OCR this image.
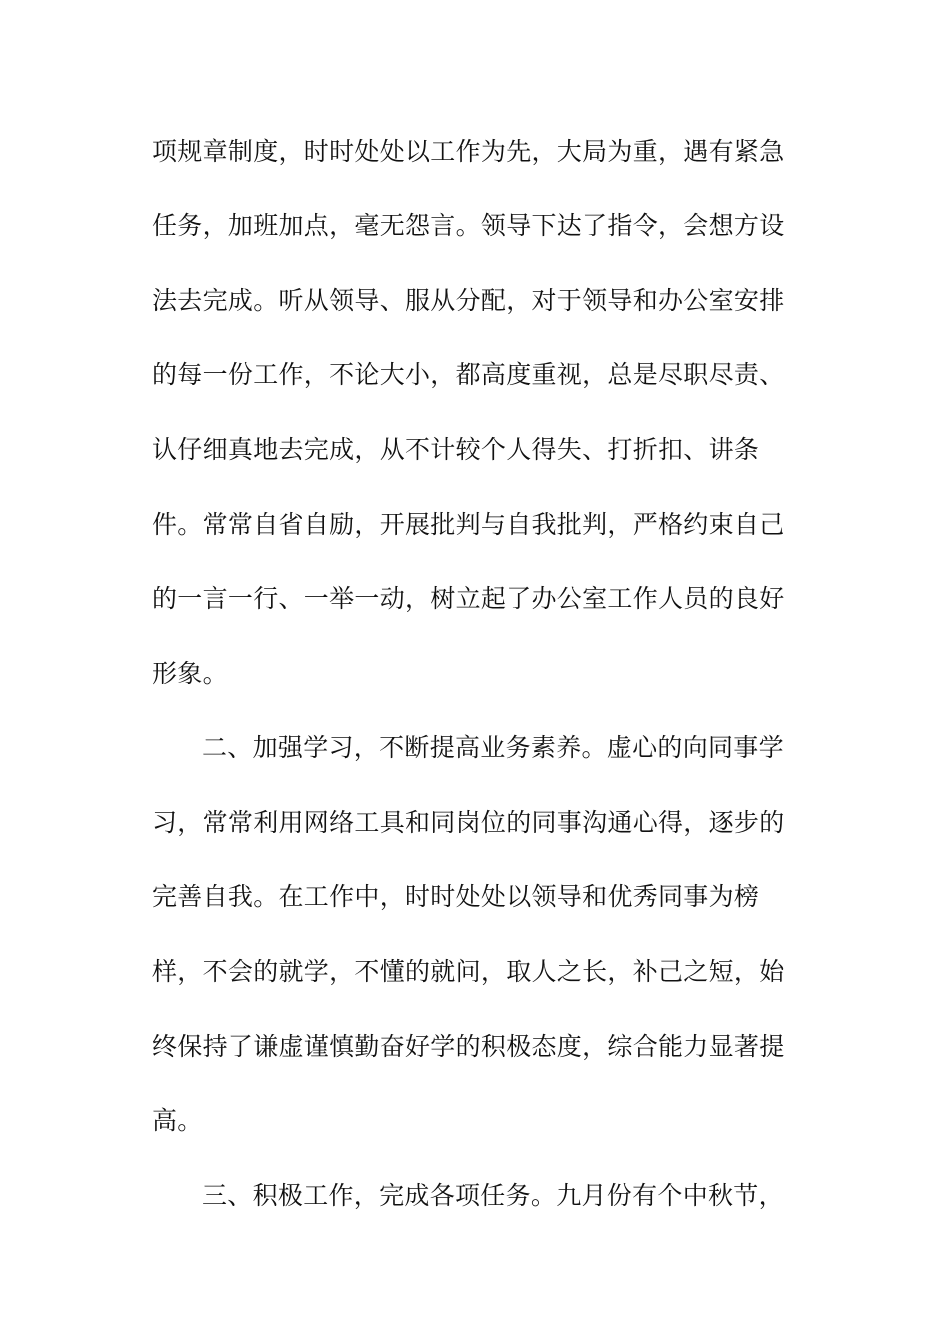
项规章制度，时时处处以工作为先，大局为重，遇有紧急
任务，加班加点，毫无怨言。领导下达了指令，会想方设
法去完成。听从领导、服从分配，对于领导和办公室安排
的每一份工作，不论大小，都高度重视，总是尽职尽责、
认仔细真地去完成，从不计较个人得失、打折扣、讲条
件。常常自省自励，开展批判与自我批判，严格约束自己
的一言一行、一举一动，树立起了办公室工作人员的良好
形象。
二、加强学习，不断提高业务素养。虚心的向同事学
习，常常利用网络工具和同岗位的同事沟通心得，逐步的
完善自我。在工作中，时时处处以领导和优秀同事为榜
样，不会的就学，不懂的就问，取人之长，补己之短，始
终保持了谦虚谨慎勤奋好学的积极态度，综合能力显著提
高。
三、积极工作，完成各项任务。九月份有个中秋节，
